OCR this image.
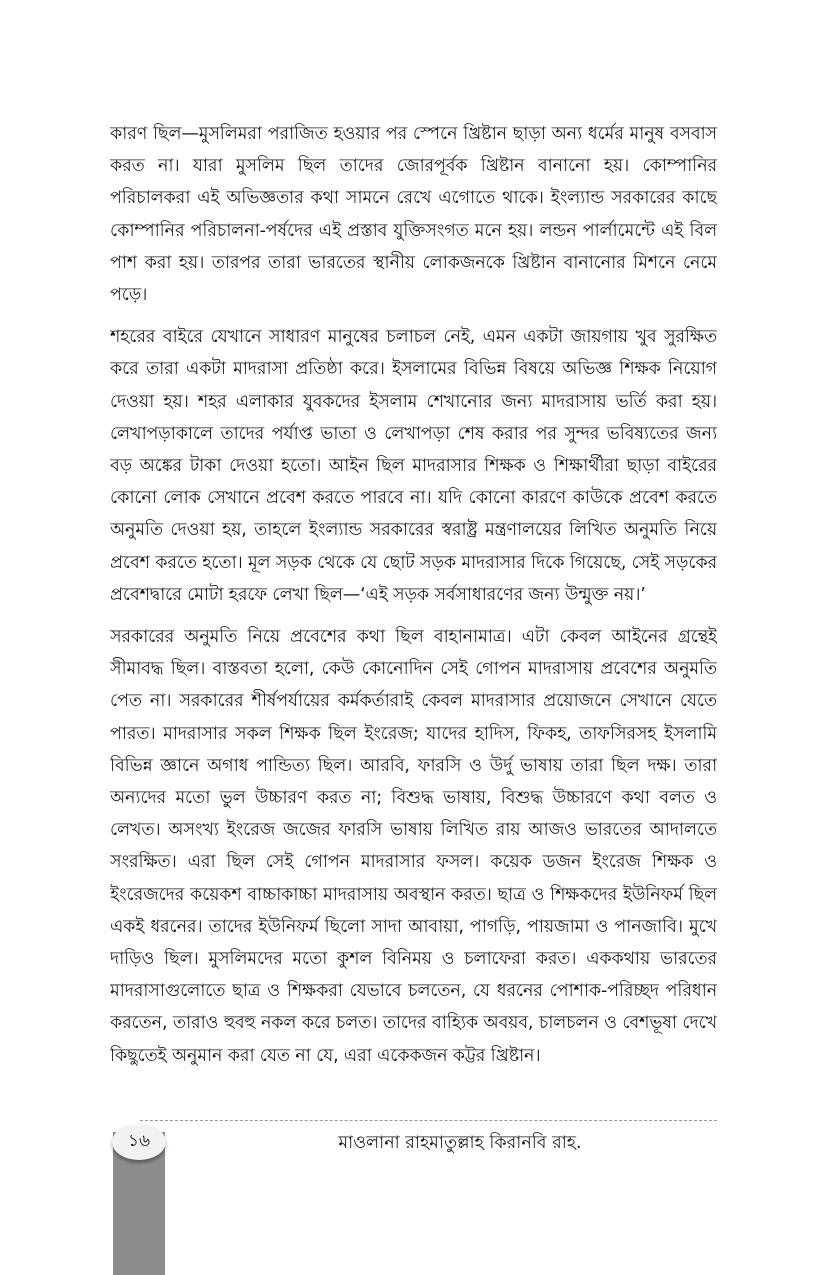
কারণ ছিল—মুসলিমরা পরাজিত হওয়ার পর স্পেনে খ্রিষ্টান ছাড়া অন্য ধর্মের মানুষ বসবাস করত না। যারা মুসলিম ছিল তাদের জোরপূর্বক খ্রিষ্টান বানানো হয়। কোম্পানির পরিচালকরা এই অভিজ্ঞতার কথা সামনে রেখে এগোতে থাকে। ইংল্যান্ড সরকারের কাছে কোম্পানির পরিচালনা-পর্ষদের এই প্রস্তাব যুক্তিসংগত মনে হয়। লন্ডন পার্লামেন্টে এই বিল পাশ করা হয়। তারপর তারা ভারতের স্থানীয় লোকজনকে খ্রিষ্টান বানানোর মিশনে নেমে পড়ে।

শহরের বাইরে যেখানে সাধারণ মানুষের চলাচল নেই, এমন একটা জায়গায় খুব সুরক্ষিত করে তারা একটা মাদরাসা প্রতিষ্ঠা করে। ইসলামের বিভিন্ন বিষয়ে অভিজ্ঞ শিক্ষক নিয়োগ দেওয়া হয়। শহর এলাকার যুবকদের ইসলাম শেখানোর জন্য মাদরাসায় ভর্তি করা হয়। লেখাপড়াকালে তাদের পর্যাপ্ত ভাতা ও লেখাপড়া শেষ করার পর সুন্দর ভবিষ্যতের জন্য বড় অঙ্কের টাকা দেওয়া হতো। আইন ছিল মাদরাসার শিক্ষক ও শিক্ষার্থীরা ছাড়া বাইরের কোনো লোক সেখানে প্রবেশ করতে পারবে না। যদি কোনো কারণে কাউকে প্রবেশ করতে অনুমতি দেওয়া হয়, তাহলে ইংল্যান্ড সরকারের স্বরাষ্ট্র মন্ত্রণালয়ের লিখিত অনুমতি নিয়ে প্রবেশ করতে হতো। মূল সড়ক থেকে যে ছোট সড়ক মাদরাসার দিকে গিয়েছে, সেই সড়কের প্রবেশদ্বারে মোটা হরফে লেখা ছিল—‘এই সড়ক সর্বসাধারণের জন্য উন্মুক্ত নয়।’

সরকারের অনুমতি নিয়ে প্রবেশের কথা ছিল বাহানামাত্র। এটা কেবল আইনের গ্রন্থেই সীমাবদ্ধ ছিল। বাস্তবতা হলো, কেউ কোনোদিন সেই গোপন মাদরাসায় প্রবেশের অনুমতি পেত না। সরকারের শীর্ষপর্যায়ের কর্মকর্তারাই কেবল মাদরাসার প্রয়োজনে সেখানে যেতে পারত। মাদরাসার সকল শিক্ষক ছিল ইংরেজ; যাদের হাদিস, ফিকহ, তাফসিরসহ ইসলামি বিভিন্ন জ্ঞানে অগাধ পান্ডিত্য ছিল। আরবি, ফারসি ও উর্দু ভাষায় তারা ছিল দক্ষ। তারা অন্যদের মতো ভুল উচ্চারণ করত না; বিশুদ্ধ ভাষায়, বিশুদ্ধ উচ্চারণে কথা বলত ও লেখত। অসংখ্য ইংরেজ জজের ফারসি ভাষায় লিখিত রায় আজও ভারতের আদালতে সংরক্ষিত। এরা ছিল সেই গোপন মাদরাসার ফসল। কয়েক ডজন ইংরেজ শিক্ষক ও ইংরেজদের কয়েকশ বাচ্চাকাচ্চা মাদরাসায় অবস্থান করত। ছাত্র ও শিক্ষকদের ইউনিফর্ম ছিল একই ধরনের। তাদের ইউনিফর্ম ছিলো সাদা আবায়া, পাগড়ি, পায়জামা ও পানজাবি। মুখে দাড়িও ছিল। মুসলিমদের মতো কুশল বিনিময় ও চলাফেরা করত। এককথায় ভারতের মাদরাসাগুলোতে ছাত্র ও শিক্ষকরা যেভাবে চলতেন, যে ধরনের পোশাক-পরিচ্ছদ পরিধান করতেন, তারাও হুবহু নকল করে চলত। তাদের বাহ্যিক অবয়ব, চালচলন ও বেশভূষা দেখে কিছুতেই অনুমান করা যেত না যে, এরা একেকজন কট্টর খ্রিষ্টান।

১৬	মাওলানা রাহমাতুল্লাহ কিরানবি রাহ.
